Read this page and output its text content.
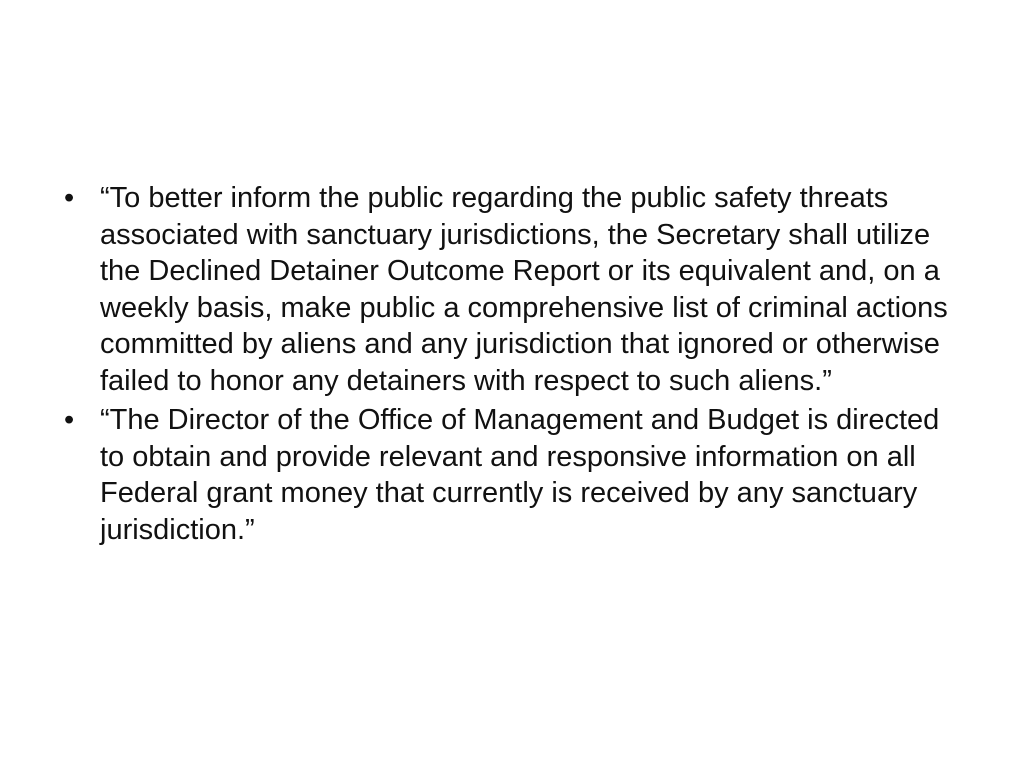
• “To better inform the public regarding the public safety threats associated with sanctuary jurisdictions, the Secretary shall utilize the Declined Detainer Outcome Report or its equivalent and, on a weekly basis, make public a comprehensive list of criminal actions committed by aliens and any jurisdiction that ignored or otherwise failed to honor any detainers with respect to such aliens.”
• “The Director of the Office of Management and Budget is directed to obtain and provide relevant and responsive information on all Federal grant money that currently is received by any sanctuary jurisdiction.”
